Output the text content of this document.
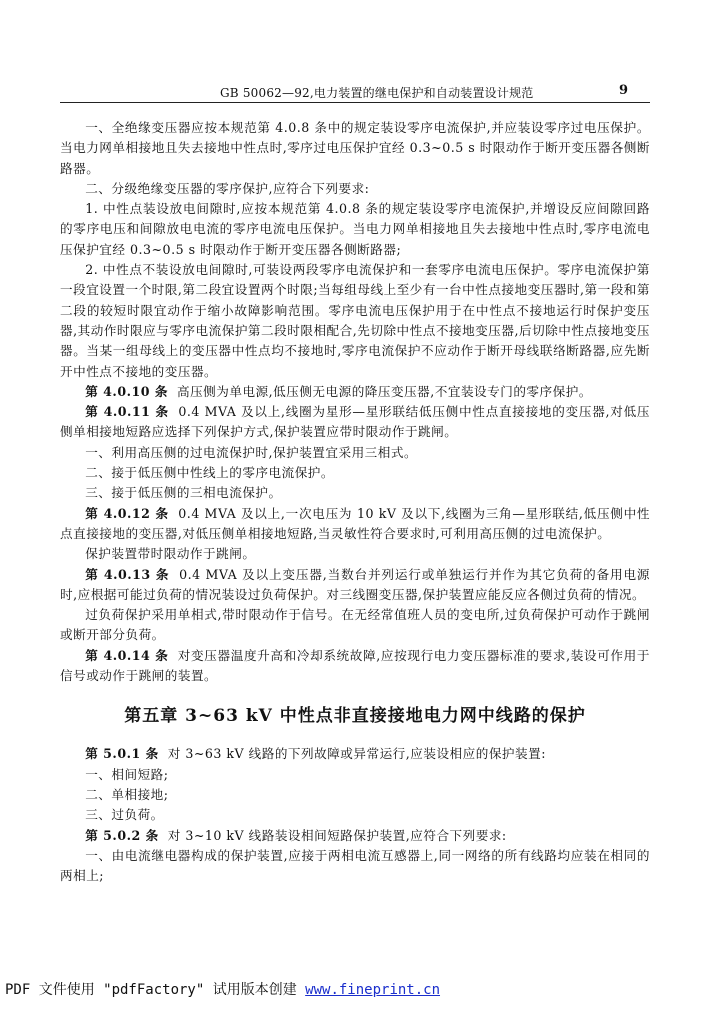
GB 50062—92,电力装置的继电保护和自动装置设计规范	9

一、全绝缘变压器应按本规范第 4.0.8 条中的规定装设零序电流保护,并应装设零序过电压保护。当电力网单相接地且失去接地中性点时,零序过电压保护宜经 0.3~0.5 s 时限动作于断开变压器各侧断路器。

二、分级绝缘变压器的零序保护,应符合下列要求:

1. 中性点装设放电间隙时,应按本规范第 4.0.8 条的规定装设零序电流保护,并增设反应间隙回路的零序电压和间隙放电电流的零序电流电压保护。当电力网单相接地且失去接地中性点时,零序电流电压保护宜经 0.3~0.5 s 时限动作于断开变压器各侧断路器;

2. 中性点不装设放电间隙时,可装设两段零序电流保护和一套零序电流电压保护。零序电流保护第一段宜设置一个时限,第二段宜设置两个时限;当每组母线上至少有一台中性点接地变压器时,第一段和第二段的较短时限宜动作于缩小故障影响范围。零序电流电压保护用于在中性点不接地运行时保护变压器,其动作时限应与零序电流保护第二段时限相配合,先切除中性点不接地变压器,后切除中性点接地变压器。当某一组母线上的变压器中性点均不接地时,零序电流保护不应动作于断开母线联络断路器,应先断开中性点不接地的变压器。

第 4.0.10 条 高压侧为单电源,低压侧无电源的降压变压器,不宜装设专门的零序保护。

第 4.0.11 条 0.4 MVA 及以上,线圈为星形—星形联结低压侧中性点直接接地的变压器,对低压侧单相接地短路应选择下列保护方式,保护装置应带时限动作于跳闸。

一、利用高压侧的过电流保护时,保护装置宜采用三相式。

二、接于低压侧中性线上的零序电流保护。

三、接于低压侧的三相电流保护。

第 4.0.12 条 0.4 MVA 及以上,一次电压为 10 kV 及以下,线圈为三角—星形联结,低压侧中性点直接接地的变压器,对低压侧单相接地短路,当灵敏性符合要求时,可利用高压侧的过电流保护。

保护装置带时限动作于跳闸。

第 4.0.13 条 0.4 MVA 及以上变压器,当数台并列运行或单独运行并作为其它负荷的备用电源时,应根据可能过负荷的情况装设过负荷保护。对三线圈变压器,保护装置应能反应各侧过负荷的情况。

过负荷保护采用单相式,带时限动作于信号。在无经常值班人员的变电所,过负荷保护可动作于跳闸或断开部分负荷。

第 4.0.14 条 对变压器温度升高和冷却系统故障,应按现行电力变压器标准的要求,装设可作用于信号或动作于跳闸的装置。

第五章 3~63 kV 中性点非直接接地电力网中线路的保护

第 5.0.1 条 对 3~63 kV 线路的下列故障或异常运行,应装设相应的保护装置:

一、相间短路;

二、单相接地;

三、过负荷。

第 5.0.2 条 对 3~10 kV 线路装设相间短路保护装置,应符合下列要求:

一、由电流继电器构成的保护装置,应接于两相电流互感器上,同一网络的所有线路均应装在相同的两相上;

PDF 文件使用 "pdfFactory" 试用版本创建 www.fineprint.cn
